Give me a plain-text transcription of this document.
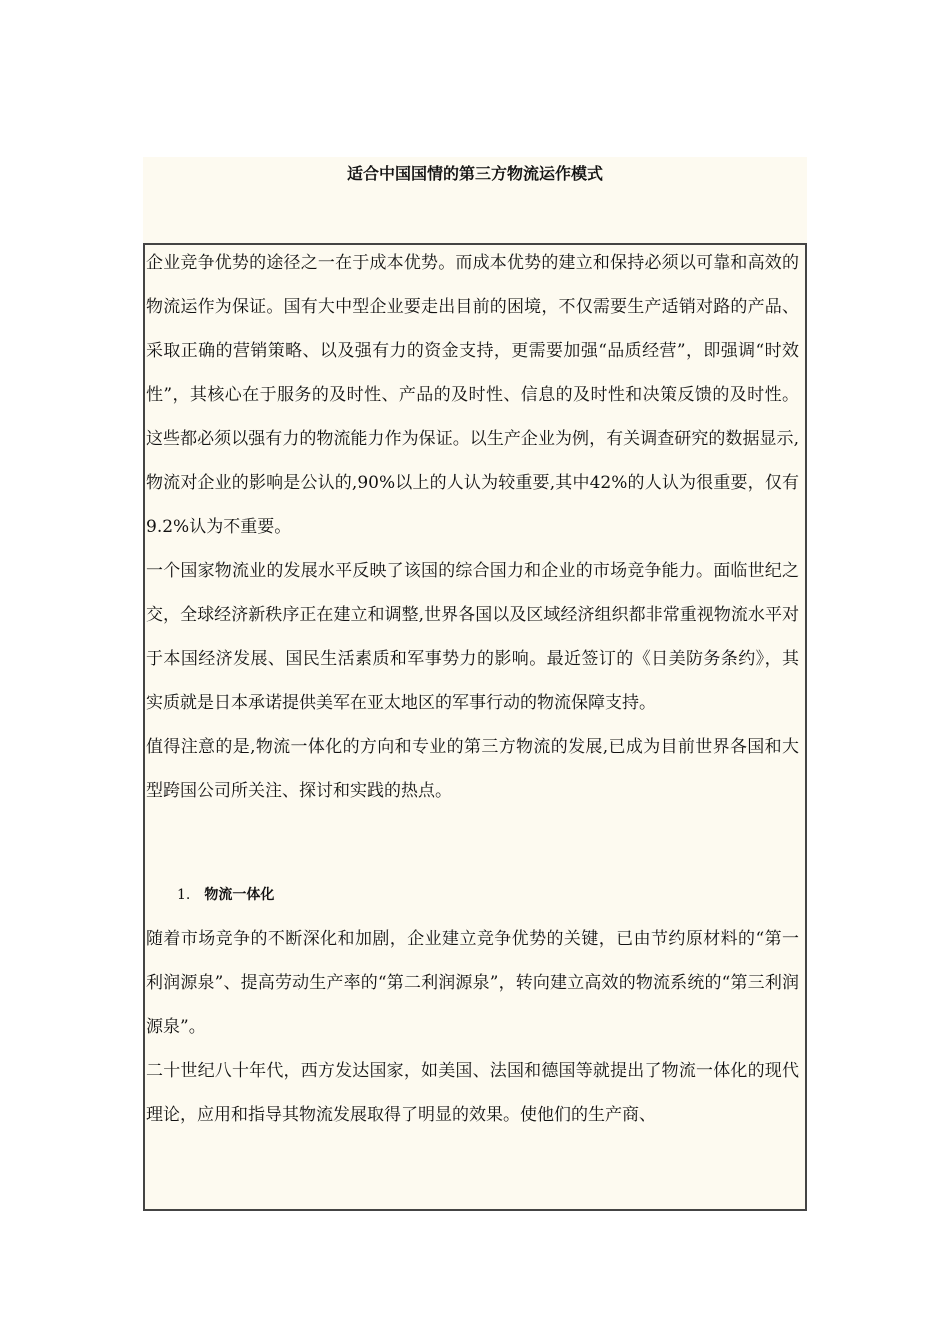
适合中国国情的第三方物流运作模式

企业竞争优势的途径之一在于成本优势。而成本优势的建立和保持必须以可靠和高效的物流运作为保证。国有大中型企业要走出目前的困境，不仅需要生产适销对路的产品、采取正确的营销策略、以及强有力的资金支持，更需要加强“品质经营”，即强调“时效性”，其核心在于服务的及时性、产品的及时性、信息的及时性和决策反馈的及时性。这些都必须以强有力的物流能力作为保证。以生产企业为例，有关调查研究的数据显示,物流对企业的影响是公认的,90%以上的人认为较重要,其中42%的人认为很重要，仅有9.2%认为不重要。

一个国家物流业的发展水平反映了该国的综合国力和企业的市场竞争能力。面临世纪之交，全球经济新秩序正在建立和调整,世界各国以及区域经济组织都非常重视物流水平对于本国经济发展、国民生活素质和军事势力的影响。最近签订的《日美防务条约》，其实质就是日本承诺提供美军在亚太地区的军事行动的物流保障支持。

值得注意的是,物流一体化的方向和专业的第三方物流的发展,已成为目前世界各国和大型跨国公司所关注、探讨和实践的热点。

1. 物流一体化

随着市场竞争的不断深化和加剧，企业建立竞争优势的关键，已由节约原材料的“第一利润源泉”、提高劳动生产率的“第二利润源泉”，转向建立高效的物流系统的“第三利润源泉”。

二十世纪八十年代，西方发达国家，如美国、法国和德国等就提出了物流一体化的现代理论，应用和指导其物流发展取得了明显的效果。使他们的生产商、
